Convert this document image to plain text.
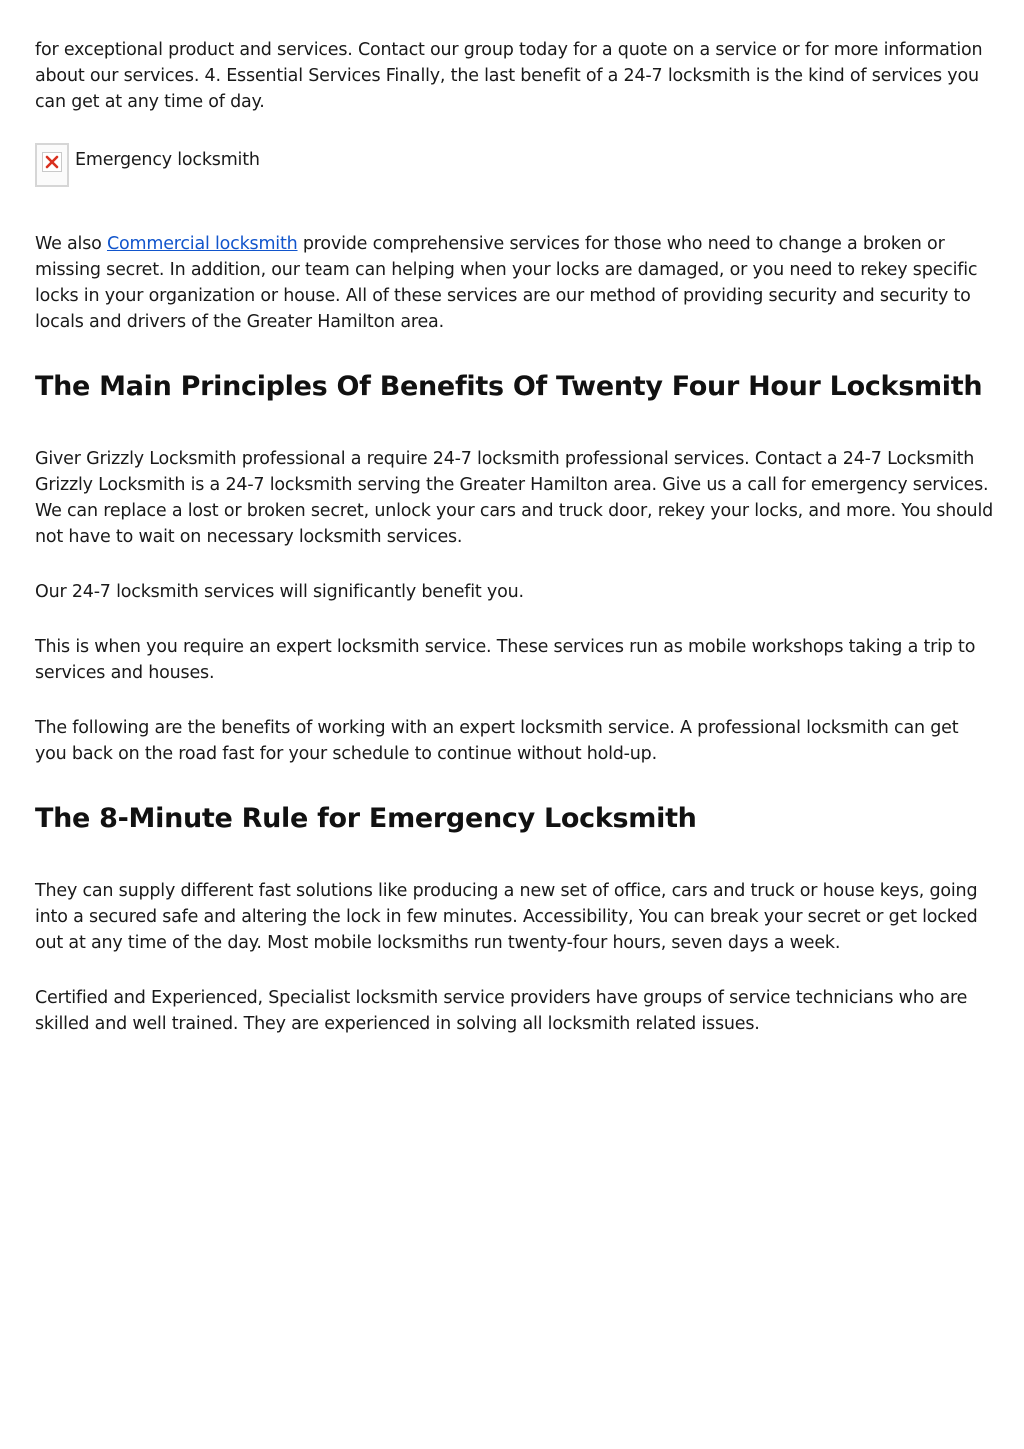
for exceptional product and services. Contact our group today for a quote on a service or for more information about our services. 4. Essential Services Finally, the last benefit of a 24-7 locksmith is the kind of services you can get at any time of day.

Emergency locksmith

We also Commercial locksmith provide comprehensive services for those who need to change a broken or missing secret. In addition, our team can helping when your locks are damaged, or you need to rekey specific locks in your organization or house. All of these services are our method of providing security and security to locals and drivers of the Greater Hamilton area.

The Main Principles Of Benefits Of Twenty Four Hour Locksmith

Giver Grizzly Locksmith professional a require 24-7 locksmith professional services. Contact a 24-7 Locksmith Grizzly Locksmith is a 24-7 locksmith serving the Greater Hamilton area. Give us a call for emergency services. We can replace a lost or broken secret, unlock your cars and truck door, rekey your locks, and more. You should not have to wait on necessary locksmith services.

Our 24-7 locksmith services will significantly benefit you.

This is when you require an expert locksmith service. These services run as mobile workshops taking a trip to services and houses.

The following are the benefits of working with an expert locksmith service. A professional locksmith can get you back on the road fast for your schedule to continue without hold-up.

The 8-Minute Rule for Emergency Locksmith

They can supply different fast solutions like producing a new set of office, cars and truck or house keys, going into a secured safe and altering the lock in few minutes. Accessibility, You can break your secret or get locked out at any time of the day. Most mobile locksmiths run twenty-four hours, seven days a week.

Certified and Experienced, Specialist locksmith service providers have groups of service technicians who are skilled and well trained. They are experienced in solving all locksmith related issues.
